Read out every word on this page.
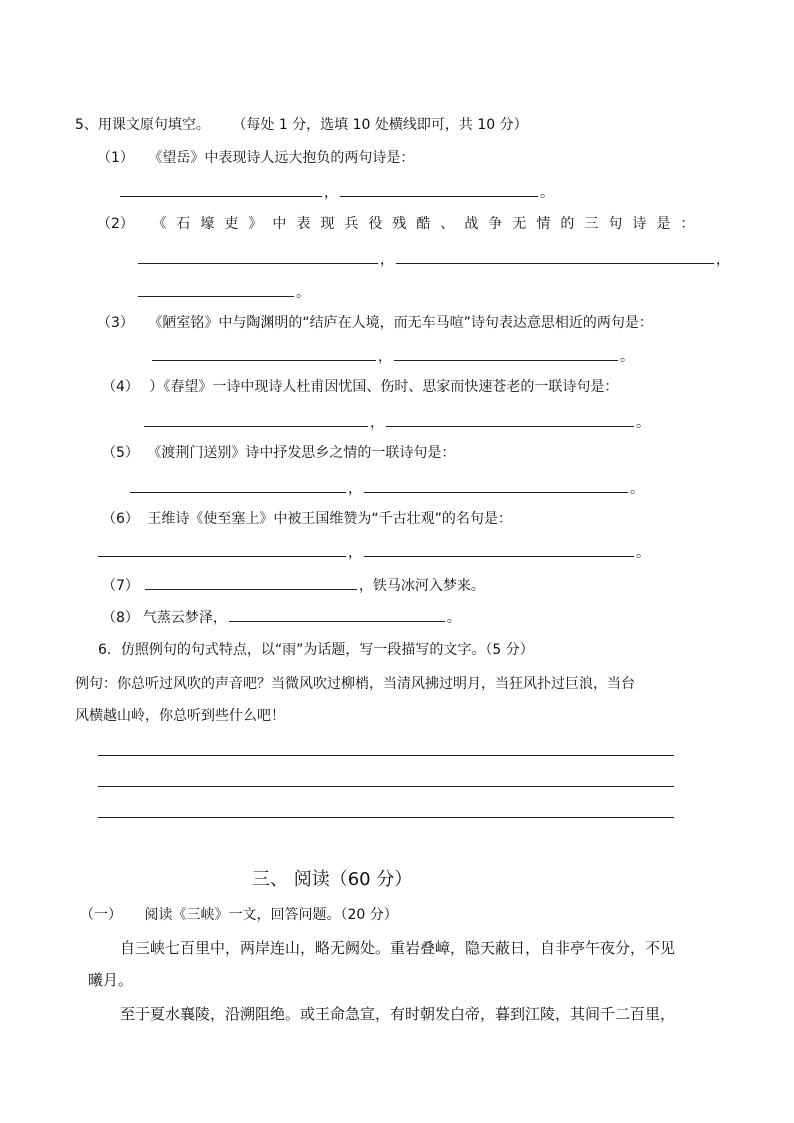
5、用课文原句填空。 （每处 1 分，选填 10 处横线即可，共 10 分）
（1） 《望岳》中表现诗人远大抱负的两句诗是：
，	。
（2） 《石壕吏》中表现兵役残酷、战争无情的三句诗是：
，	，
。
（3） 《陋室铭》中与陶渊明的“结庐在人境，而无车马喧”诗句表达意思相近的两句是：
，	。
（4） ）《春望》一诗中现诗人杜甫因忧国、伤时、思家而快速苍老的一联诗句是：
，	。
（5） 《渡荆门送别》诗中抒发思乡之情的一联诗句是：
，	。
（6） 王维诗《使至塞上》中被王国维赞为“千古壮观”的名句是：
，	。
（7）	，铁马冰河入梦来。
（8） 气蒸云梦泽，	。
6．仿照例句的句式特点，以“雨”为话题，写一段描写的文字。（5 分）
例句：你总听过风吹的声音吧？当微风吹过柳梢，当清风拂过明月，当狂风扑过巨浪，当台
风横越山岭，你总听到些什么吧！
三、 阅读（60 分）
（一） 阅读《三峡》一文，回答问题。（20 分）
自三峡七百里中，两岸连山，略无阙处。重岩叠嶂，隐天蔽日，自非亭午夜分，不见
曦月。
至于夏水襄陵，沿溯阻绝。或王命急宣，有时朝发白帝，暮到江陵，其间千二百里，
